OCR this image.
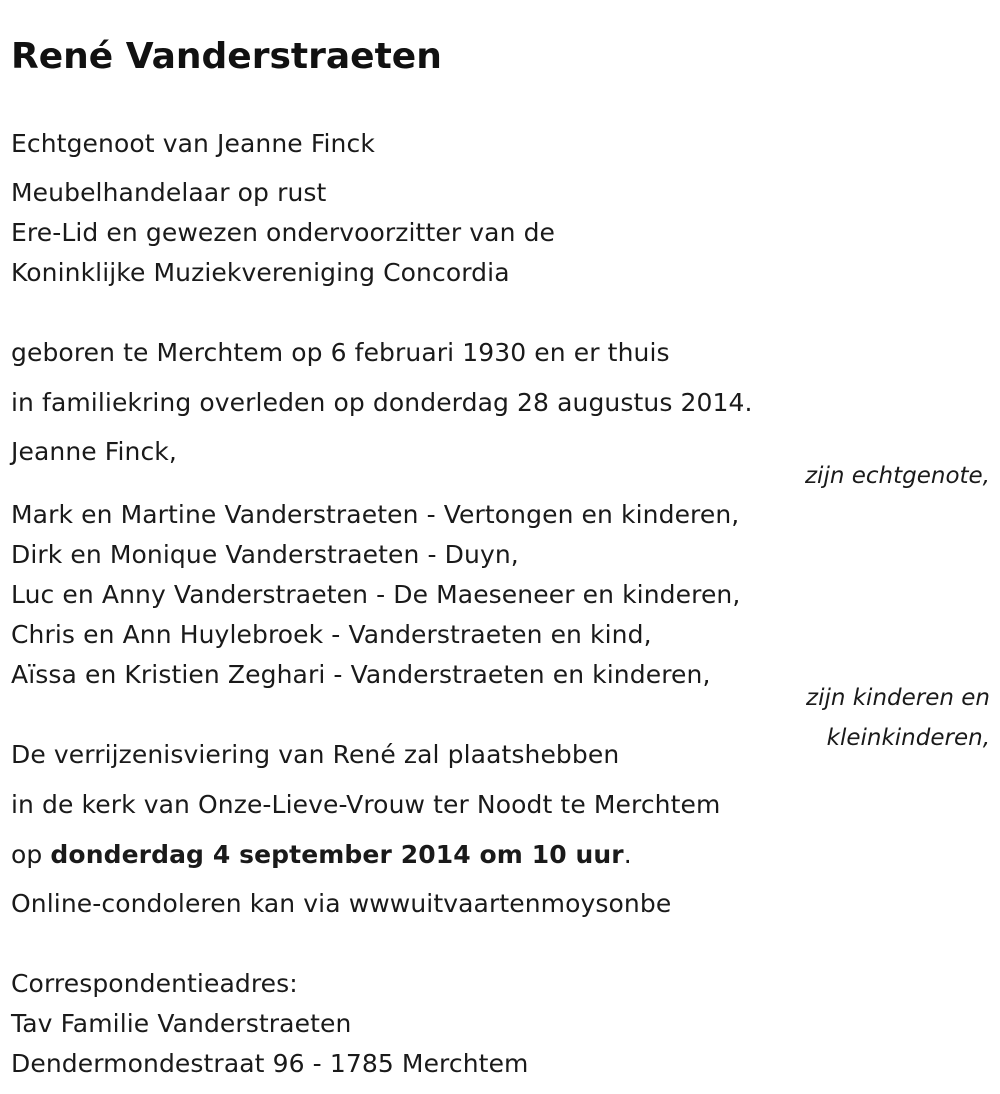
René Vanderstraeten
Echtgenoot van Jeanne Finck
Meubelhandelaar op rust
Ere-Lid en gewezen ondervoorzitter van de
Koninklijke Muziekvereniging Concordia
geboren te Merchtem op 6 februari 1930 en er thuis
in familiekring overleden op donderdag 28 augustus 2014.
Jeanne Finck,
zijn echtgenote,
Mark en Martine Vanderstraeten - Vertongen en kinderen,
Dirk en Monique Vanderstraeten - Duyn,
Luc en Anny Vanderstraeten - De Maeseneer en kinderen,
Chris en Ann Huylebroek - Vanderstraeten en kind,
Aïssa en Kristien Zeghari - Vanderstraeten en kinderen,
zijn kinderen en
kleinkinderen,
De verrijzenisviering van René zal plaatshebben
in de kerk van Onze-Lieve-Vrouw ter Noodt te Merchtem
op donderdag 4 september 2014 om 10 uur.
Online-condoleren kan via wwwuitvaartenmoysonbe
Correspondentieadres:
Tav Familie Vanderstraeten
Dendermondestraat 96 - 1785 Merchtem
